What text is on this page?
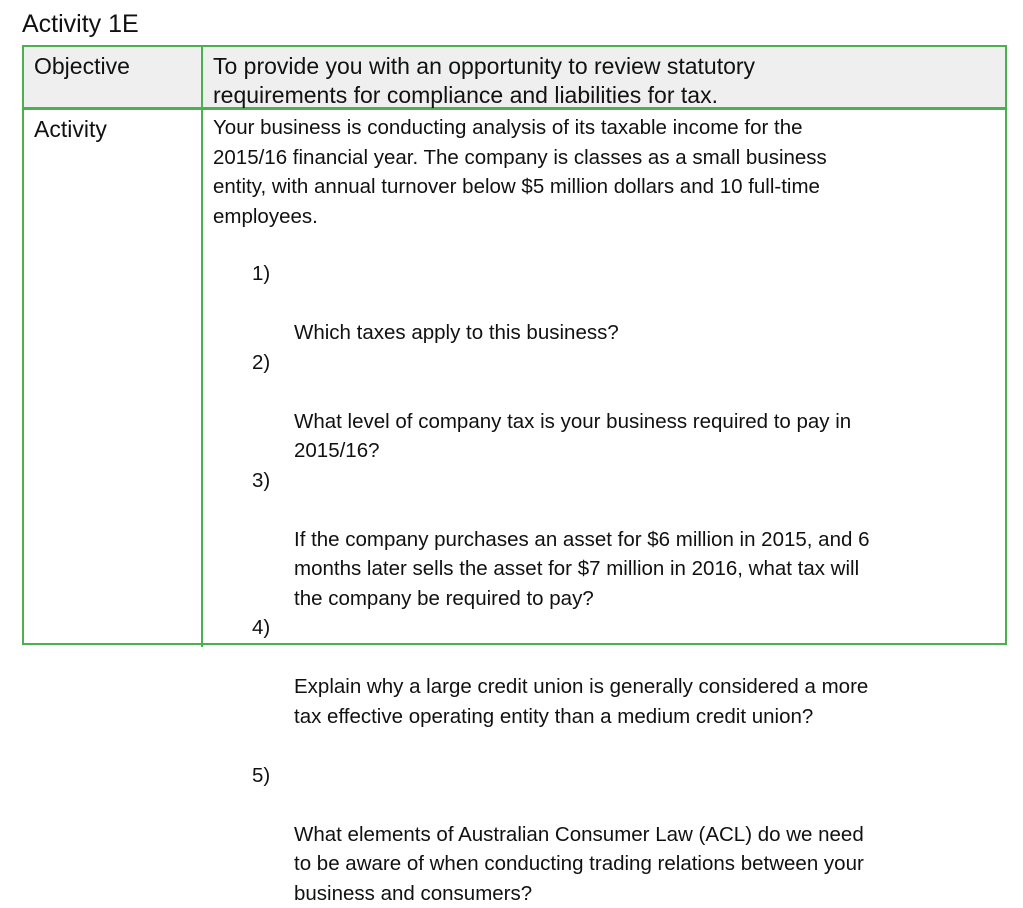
Activity 1E
Objective	To provide you with an opportunity to review statutory
requirements for compliance and liabilities for tax.
Activity	Your business is conducting analysis of its taxable income for the
2015/16 financial year. The company is classes as a small business
entity, with annual turnover below $5 million dollars and 10 full-time
employees.

1)

Which taxes apply to this business?

2)

What level of company tax is your business required to pay in
2015/16?

3)

If the company purchases an asset for $6 million in 2015, and 6
months later sells the asset for $7 million in 2016, what tax will
the company be required to pay?

4)

Explain why a large credit union is generally considered a more
tax effective operating entity than a medium credit union?

5)

What elements of Australian Consumer Law (ACL) do we need
to be aware of when conducting trading relations between your
business and consumers?
